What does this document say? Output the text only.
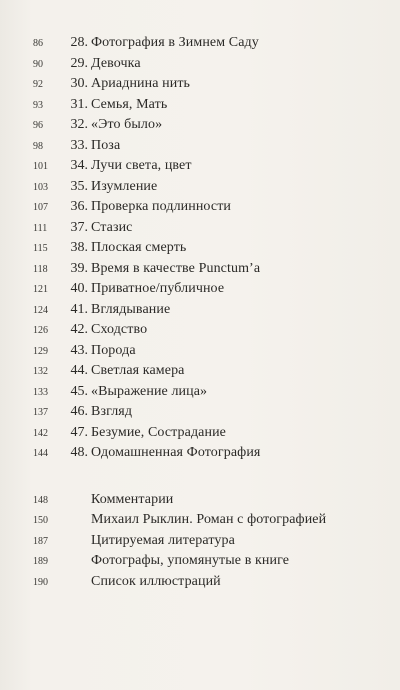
86	28. Фотография в Зимнем Саду
90	29. Девочка
92	30. Ариаднина нить
93	31. Семья, Мать
96	32. «Это было»
98	33. Поза
101	34. Лучи света, цвет
103	35. Изумление
107	36. Проверка подлинности
111	37. Стазис
115	38. Плоская смерть
118	39. Время в качестве Punctum’а
121	40. Приватное/публичное
124	41. Вглядывание
126	42. Сходство
129	43. Порода
132	44. Светлая камера
133	45. «Выражение лица»
137	46. Взгляд
142	47. Безумие, Сострадание
144	48. Одомашненная Фотография
148	Комментарии
150	Михаил Рыклин. Роман с фотографией
187	Цитируемая литература
189	Фотографы, упомянутые в книге
190	Список иллюстраций
